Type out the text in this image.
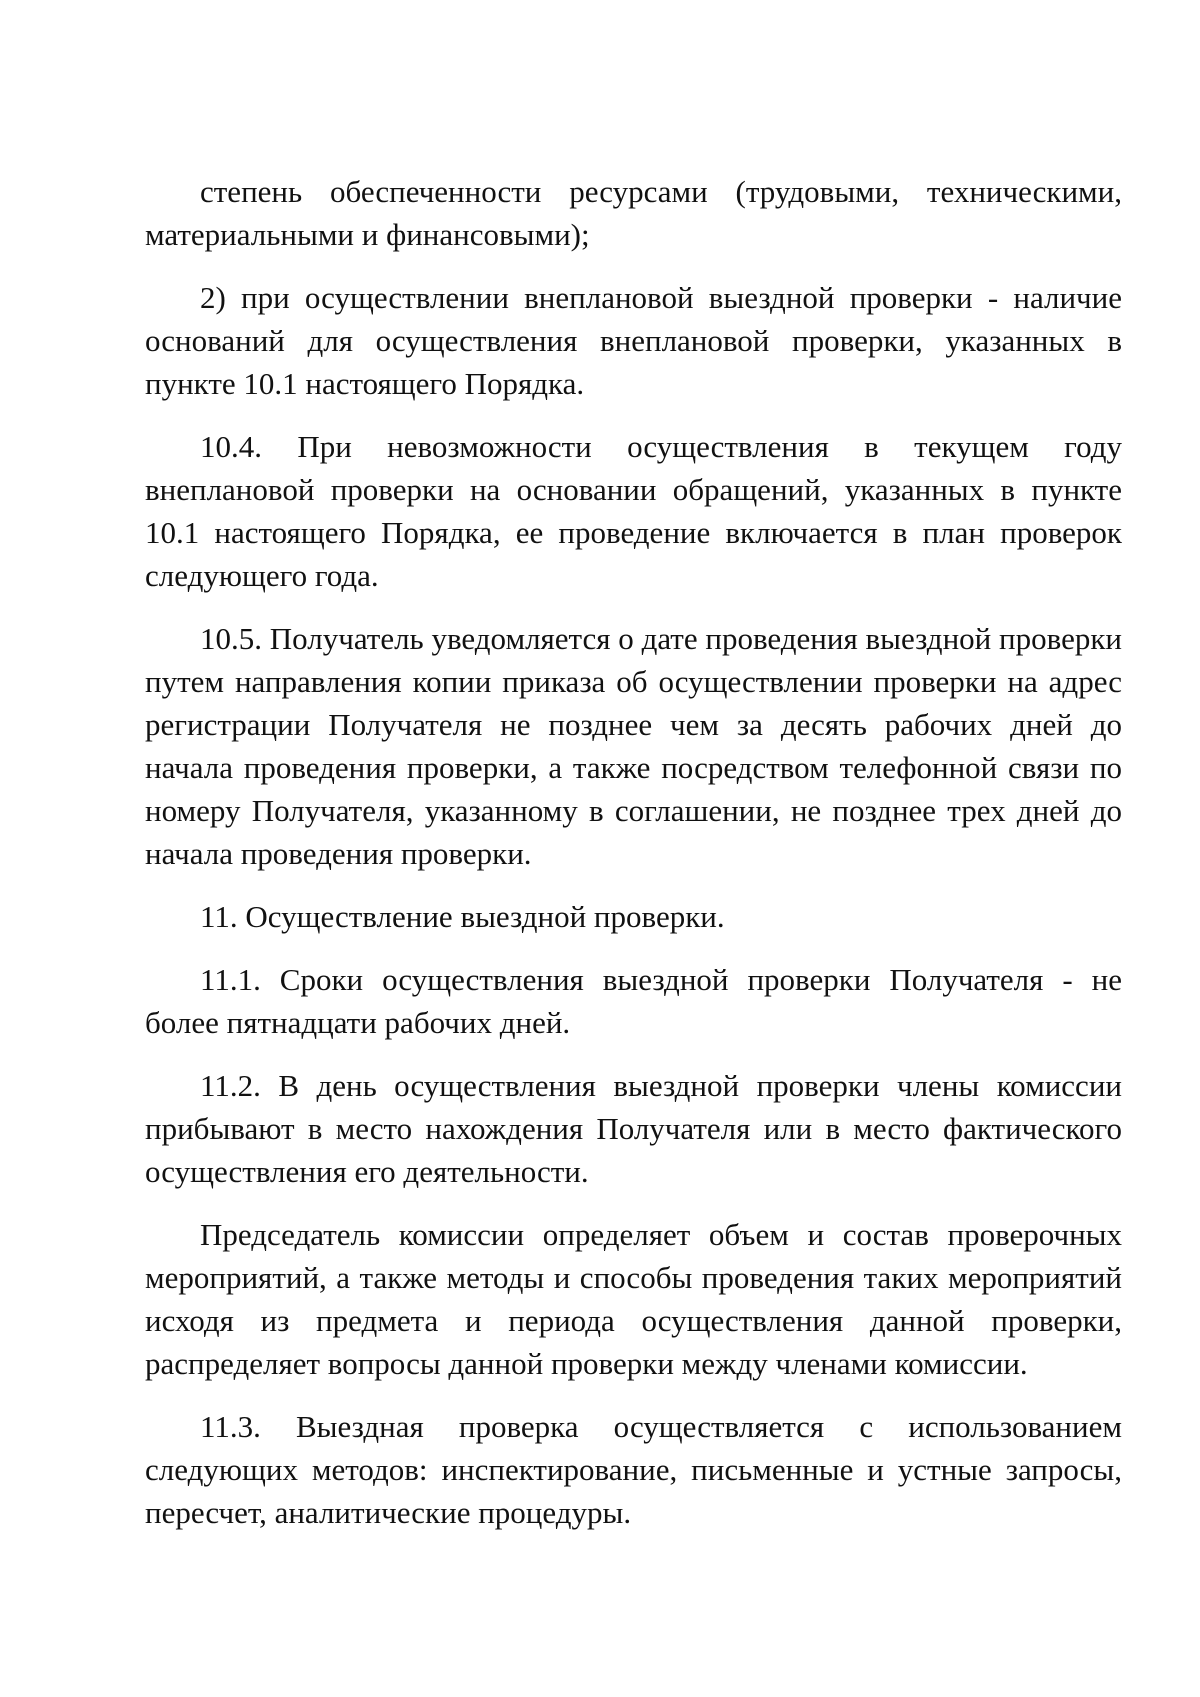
степень обеспеченности ресурсами (трудовыми, техническими, материальными и финансовыми);

2) при осуществлении внеплановой выездной проверки - наличие оснований для осуществления внеплановой проверки, указанных в пункте 10.1 настоящего Порядка.

10.4. При невозможности осуществления в текущем году внеплановой проверки на основании обращений, указанных в пункте 10.1 настоящего Порядка, ее проведение включается в план проверок следующего года.

10.5. Получатель уведомляется о дате проведения выездной проверки путем направления копии приказа об осуществлении проверки на адрес регистрации Получателя не позднее чем за десять рабочих дней до начала проведения проверки, а также посредством телефонной связи по номеру Получателя, указанному в соглашении, не позднее трех дней до начала проведения проверки.

11. Осуществление выездной проверки.

11.1. Сроки осуществления выездной проверки Получателя - не более пятнадцати рабочих дней.

11.2. В день осуществления выездной проверки члены комиссии прибывают в место нахождения Получателя или в место фактического осуществления его деятельности.

Председатель комиссии определяет объем и состав проверочных мероприятий, а также методы и способы проведения таких мероприятий исходя из предмета и периода осуществления данной проверки, распределяет вопросы данной проверки между членами комиссии.

11.3. Выездная проверка осуществляется с использованием следующих методов: инспектирование, письменные и устные запросы, пересчет, аналитические процедуры.
